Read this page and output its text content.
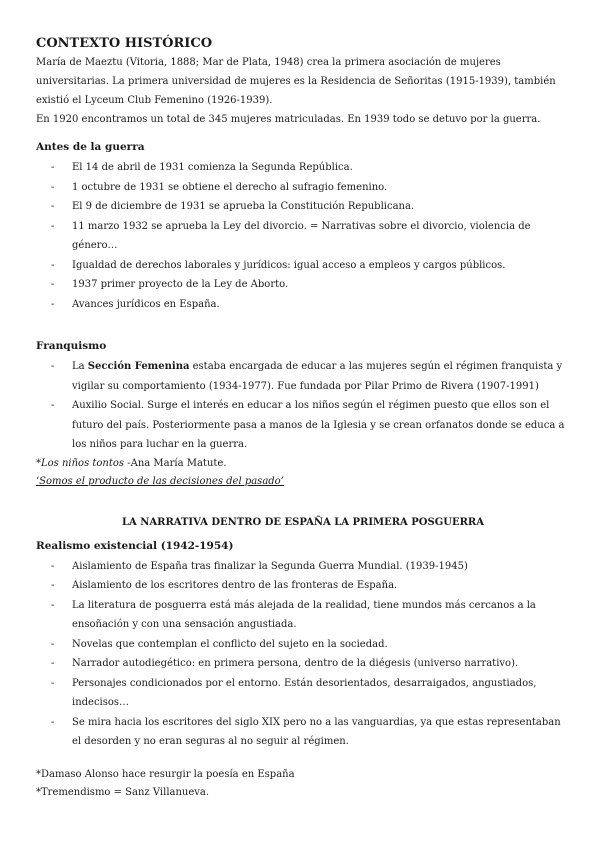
CONTEXTO HISTÓRICO

María de Maeztu (Vitoria, 1888; Mar de Plata, 1948) crea la primera asociación de mujeres universitarias. La primera universidad de mujeres es la Residencia de Señoritas (1915-1939), también existió el Lyceum Club Femenino (1926-1939).

En 1920 encontramos un total de 345 mujeres matriculadas. En 1939 todo se detuvo por la guerra.

Antes de la guerra
- El 14 de abril de 1931 comienza la Segunda República.
- 1 octubre de 1931 se obtiene el derecho al sufragio femenino.
- El 9 de diciembre de 1931 se aprueba la Constitución Republicana.
- 11 marzo 1932 se aprueba la Ley del divorcio. = Narrativas sobre el divorcio, violencia de género…
- Igualdad de derechos laborales y jurídicos: igual acceso a empleos y cargos públicos.
- 1937 primer proyecto de la Ley de Aborto.
- Avances jurídicos en España.
Franquismo
- La Sección Femenina estaba encargada de educar a las mujeres según el régimen franquista y vigilar su comportamiento (1934-1977). Fue fundada por Pilar Primo de Rivera (1907-1991)
- Auxilio Social. Surge el interés en educar a los niños según el régimen puesto que ellos son el futuro del país. Posteriormente pasa a manos de la Iglesia y se crean orfanatos donde se educa a los niños para luchar en la guerra.

*Los niños tontos -Ana María Matute.

‘Somos el producto de las decisiones del pasado’

LA NARRATIVA DENTRO DE ESPAÑA LA PRIMERA POSGUERRA
Realismo existencial (1942-1954)
- Aislamiento de España tras finalizar la Segunda Guerra Mundial. (1939-1945)
- Aislamiento de los escritores dentro de las fronteras de España.
- La literatura de posguerra está más alejada de la realidad, tiene mundos más cercanos a la ensoñación y con una sensación angustiada.
- Novelas que contemplan el conflicto del sujeto en la sociedad.
- Narrador autodiegético: en primera persona, dentro de la diégesis (universo narrativo).
- Personajes condicionados por el entorno. Están desorientados, desarraigados, angustiados, indecisos…
- Se mira hacia los escritores del siglo XIX pero no a las vanguardias, ya que estas representaban el desorden y no eran seguras al no seguir al régimen.

*Damaso Alonso hace resurgir la poesía en España

*Tremendismo = Sanz Villanueva.
